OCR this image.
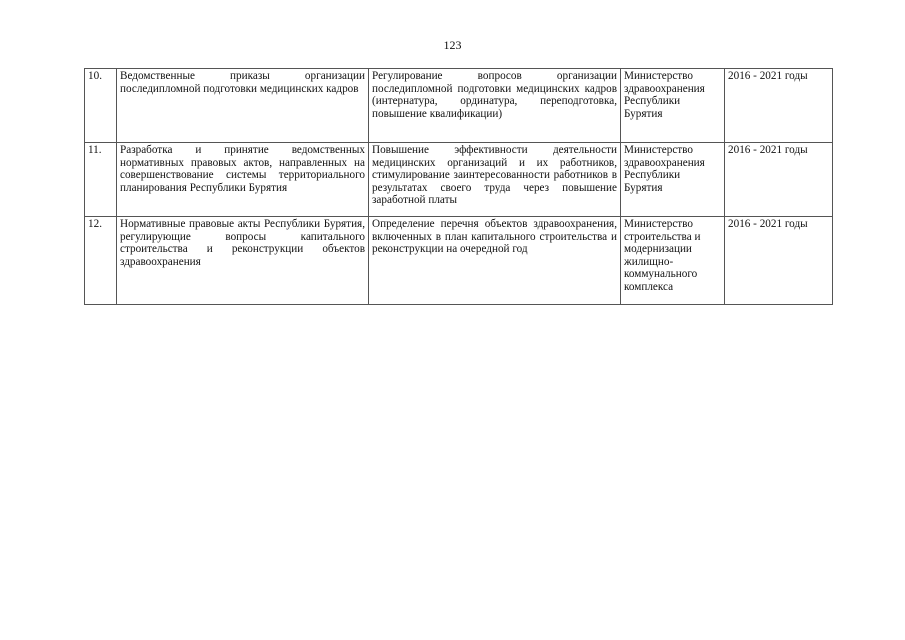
123
10.	Ведомственные приказы организации последипломной подготовки медицинских кадров	Регулирование вопросов организации последипломной подготовки медицинских кадров (интернатура, ординатура, переподготовка, повышение квалификации)	Министерство здравоохранения Республики Бурятия	2016 - 2021 годы
11.	Разработка и принятие ведомственных нормативных правовых актов, направленных на совершенствование системы территориального планирования Республики Бурятия	Повышение эффективности деятельности медицинских организаций и их работников, стимулирование заинтересованности работников в результатах своего труда через повышение заработной платы	Министерство здравоохранения Республики Бурятия	2016 - 2021 годы
12.	Нормативные правовые акты Республики Бурятия, регулирующие вопросы капитального строительства и реконструкции объектов здравоохранения	Определение перечня объектов здравоохранения, включенных в план капитального строительства и реконструкции на очередной год	Министерство строительства и модернизации жилищно-коммунального комплекса	2016 - 2021 годы
